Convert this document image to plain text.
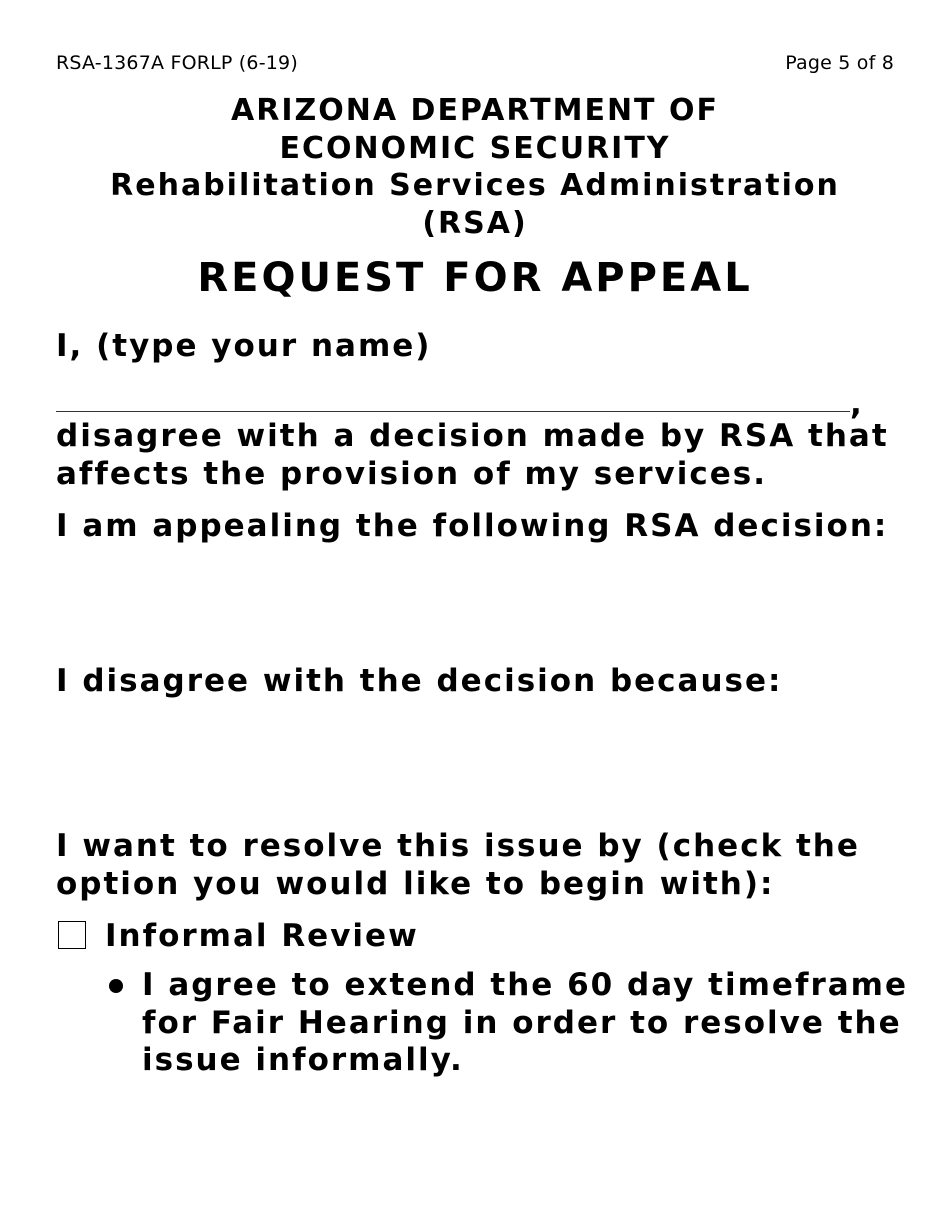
RSA-1367A FORLP (6-19)	Page 5 of 8
ARIZONA DEPARTMENT OF
ECONOMIC SECURITY
Rehabilitation Services Administration
(RSA)
REQUEST FOR APPEAL
I, (type your name)
,
disagree with a decision made by RSA that
affects the provision of my services.
I am appealing the following RSA decision:
I disagree with the decision because:
I want to resolve this issue by (check the
option you would like to begin with):
Informal Review
I agree to extend the 60 day timeframe
for Fair Hearing in order to resolve the
issue informally.
